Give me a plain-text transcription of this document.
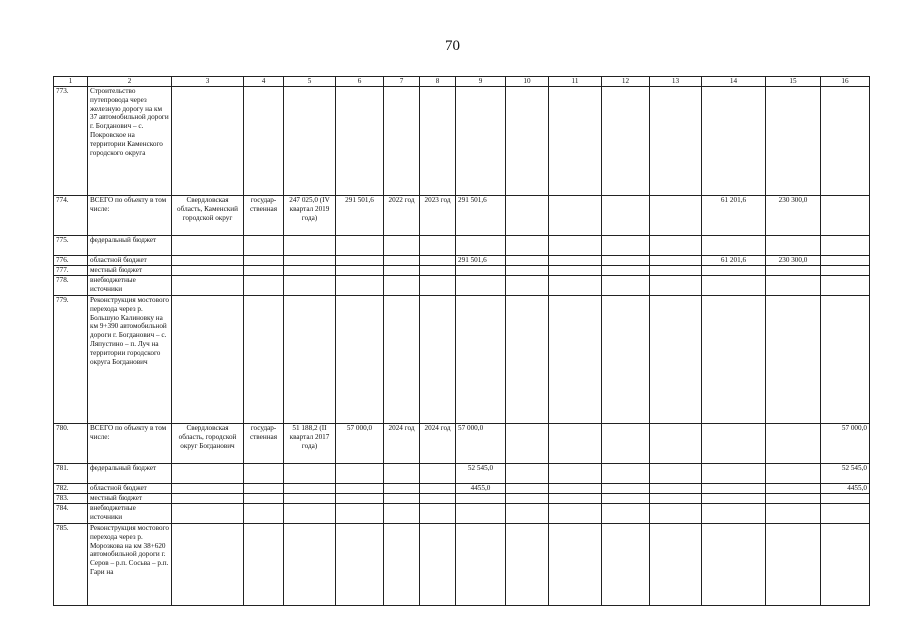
70
1	2	3	4	5	6	7	8	9	10	11	12	13	14	15	16
773.	Строительство путепровода через железную дорогу на км 37 автомобильной дороги г. Богданович – с. Покровское на территории Каменского городского округа														
774.	ВСЕГО по объекту в том числе:	Свердловская область, Каменский городской округ	государ-ственная	247 025,0 (IV квартал 2019 года)	291 501,6	2022 год	2023 год	291 501,6					61 201,6	230 300,0	
775.	федеральный бюджет														
776.	областной бюджет							291 501,6					61 201,6	230 300,0	
777.	местный бюджет														
778.	внебюджетные источники														
779.	Реконструкция мостового перехода через р. Большую Калиновку на км 9+390 автомобильной дороги г. Богданович – с. Ляпустино – п. Луч на территории городского округа Богданович														
780.	ВСЕГО по объекту в том числе:	Свердловская область, городской округ Богданович	государ-ственная	51 188,2 (II квартал 2017 года)	57 000,0	2024 год	2024 год	57 000,0							57 000,0
781.	федеральный бюджет							52 545,0							52 545,0
782.	областной бюджет							4455,0							4455,0
783.	местный бюджет														
784.	внебюджетные источники														
785.	Реконструкция мостового перехода через р. Морозкова на км 38+620 автомобильной дороги г. Серов – р.п. Сосьва – р.п. Гари на														
